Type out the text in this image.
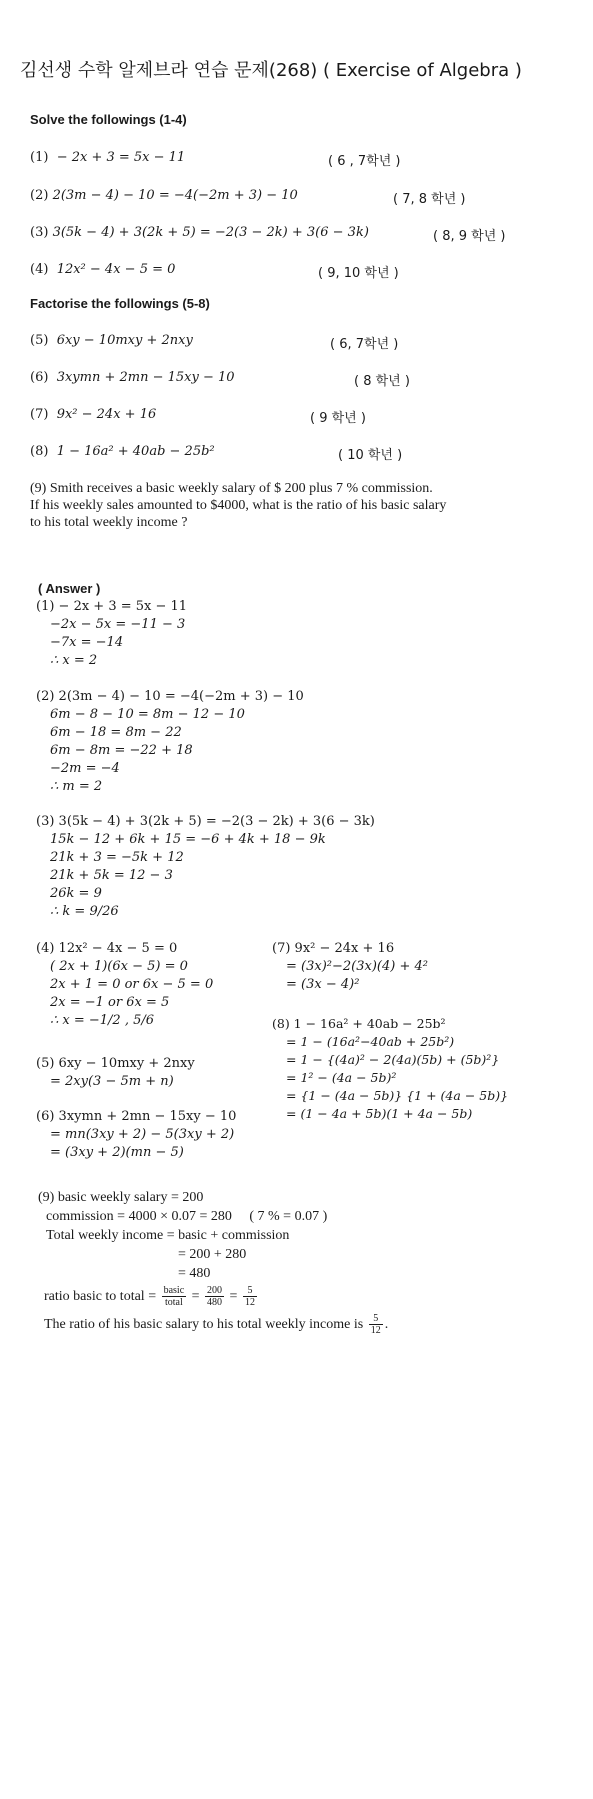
김선생 수학 알제브라 연습 문제(268) ( Exercise of Algebra )
Solve the followings (1-4)
(1) − 2x + 3 = 5x − 11	( 6 , 7학년 )
(2) 2(3m − 4) − 10 = −4(−2m + 3) − 10	( 7, 8 학년 )
(3) 3(5k − 4) + 3(2k + 5) = −2(3 − 2k) + 3(6 − 3k)	( 8, 9 학년 )
(4) 12x² − 4x − 5 = 0	( 9, 10 학년 )
Factorise the followings (5-8)
(5) 6xy − 10mxy + 2nxy	( 6, 7학년 )
(6) 3xymn + 2mn − 15xy − 10	( 8 학년 )
(7) 9x² − 24x + 16	( 9 학년 )
(8) 1 − 16a² + 40ab − 25b²	( 10 학년 )
(9) Smith receives a basic weekly salary of $ 200 plus 7 % commission.
If his weekly sales amounted to $4000, what is the ratio of his basic salary
to his total weekly income ?
( Answer )
(1) − 2x + 3 = 5x − 11
−2x − 5x = −11 − 3
−7x = −14
∴ x = 2
(2) 2(3m − 4) − 10 = −4(−2m + 3) − 10
6m − 8 − 10 = 8m − 12 − 10
6m − 18 = 8m − 22
6m − 8m = −22 + 18
−2m = −4
∴ m = 2
(3) 3(5k − 4) + 3(2k + 5) = −2(3 − 2k) + 3(6 − 3k)
15k − 12 + 6k + 15 = −6 + 4k + 18 − 9k
21k + 3 = −5k + 12
21k + 5k = 12 − 3
26k = 9
∴ k = 9/26
(4) 12x² − 4x − 5 = 0
( 2x + 1)(6x − 5) = 0
2x + 1 = 0 or 6x − 5 = 0
2x = −1 or 6x = 5
∴ x = −1/2 , 5/6
(5) 6xy − 10mxy + 2nxy
= 2xy(3 − 5m + n)
(6) 3xymn + 2mn − 15xy − 10
= mn(3xy + 2) − 5(3xy + 2)
= (3xy + 2)(mn − 5)
(7) 9x² − 24x + 16
= (3x)²−2(3x)(4) + 4²
= (3x − 4)²
(8) 1 − 16a² + 40ab − 25b²
= 1 − (16a²−40ab + 25b²)
= 1 − {(4a)² − 2(4a)(5b) + (5b)²}
= 1² − (4a − 5b)²
= {1 − (4a − 5b)} {1 + (4a − 5b)}
= (1 − 4a + 5b)(1 + 4a − 5b)
(9) basic weekly salary = 200
commission = 4000 × 0.07 = 280 ( 7 % = 0.07 )
Total weekly income = basic + commission
= 200 + 280
= 480
ratio basic to total = $\frac{\text{basic}}{\text{total}} = \frac{200}{480} = \frac{5}{12}$
The ratio of his basic salary to his total weekly income is $\frac{5}{12}$ .
